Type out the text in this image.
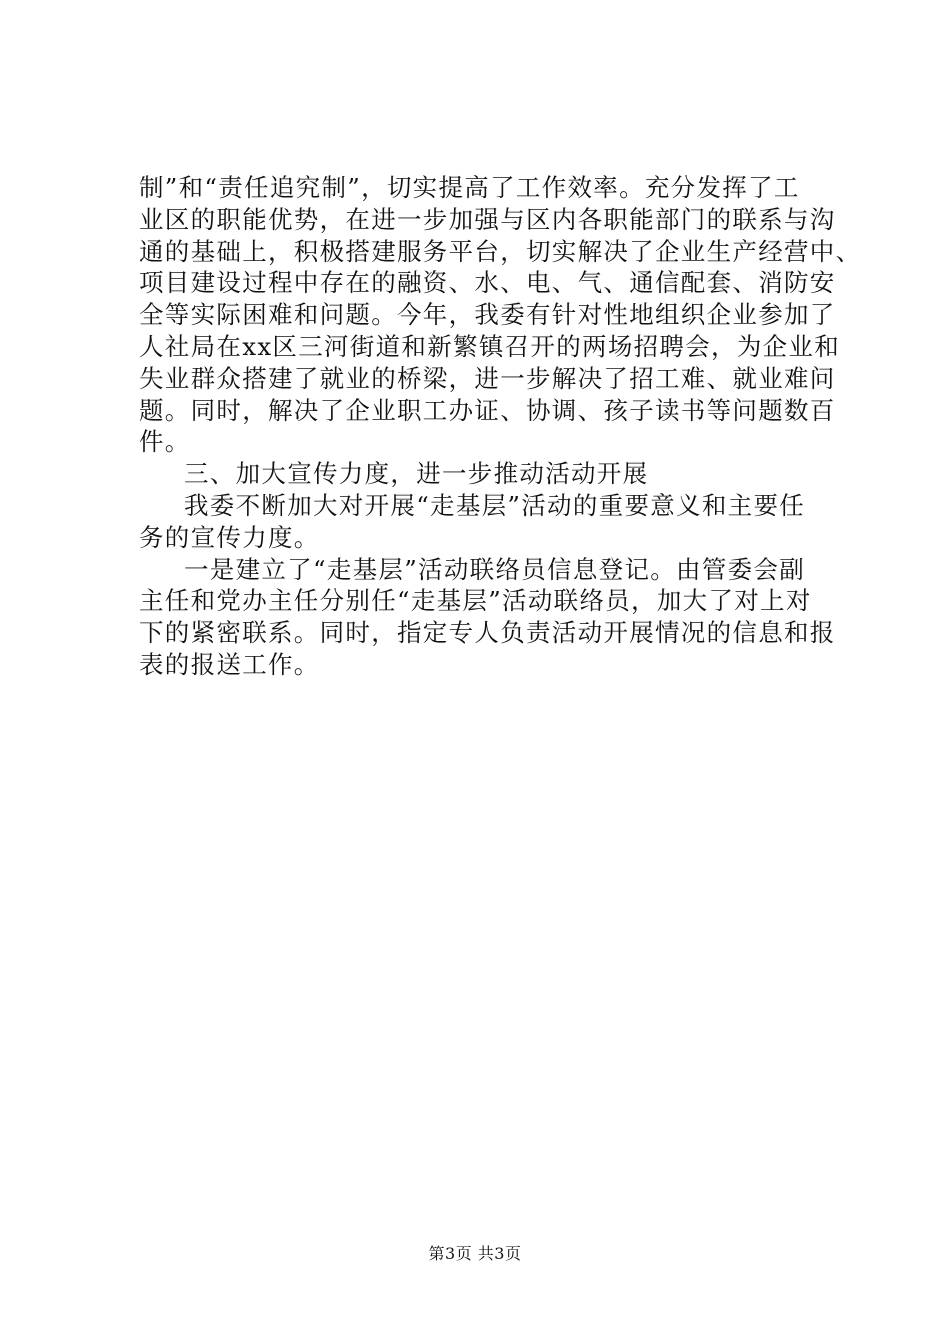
制”和“责任追究制”，切实提高了工作效率。充分发挥了工
业区的职能优势，在进一步加强与区内各职能部门的联系与沟
通的基础上，积极搭建服务平台，切实解决了企业生产经营中、
项目建设过程中存在的融资、水、电、气、通信配套、消防安
全等实际困难和问题。今年，我委有针对性地组织企业参加了
人社局在xx区三河街道和新繁镇召开的两场招聘会，为企业和
失业群众搭建了就业的桥梁，进一步解决了招工难、就业难问
题。同时，解决了企业职工办证、协调、孩子读书等问题数百
件。
三、加大宣传力度，进一步推动活动开展
我委不断加大对开展“走基层”活动的重要意义和主要任
务的宣传力度。
一是建立了“走基层”活动联络员信息登记。由管委会副
主任和党办主任分别任“走基层”活动联络员，加大了对上对
下的紧密联系。同时，指定专人负责活动开展情况的信息和报
表的报送工作。
第3页 共3页
